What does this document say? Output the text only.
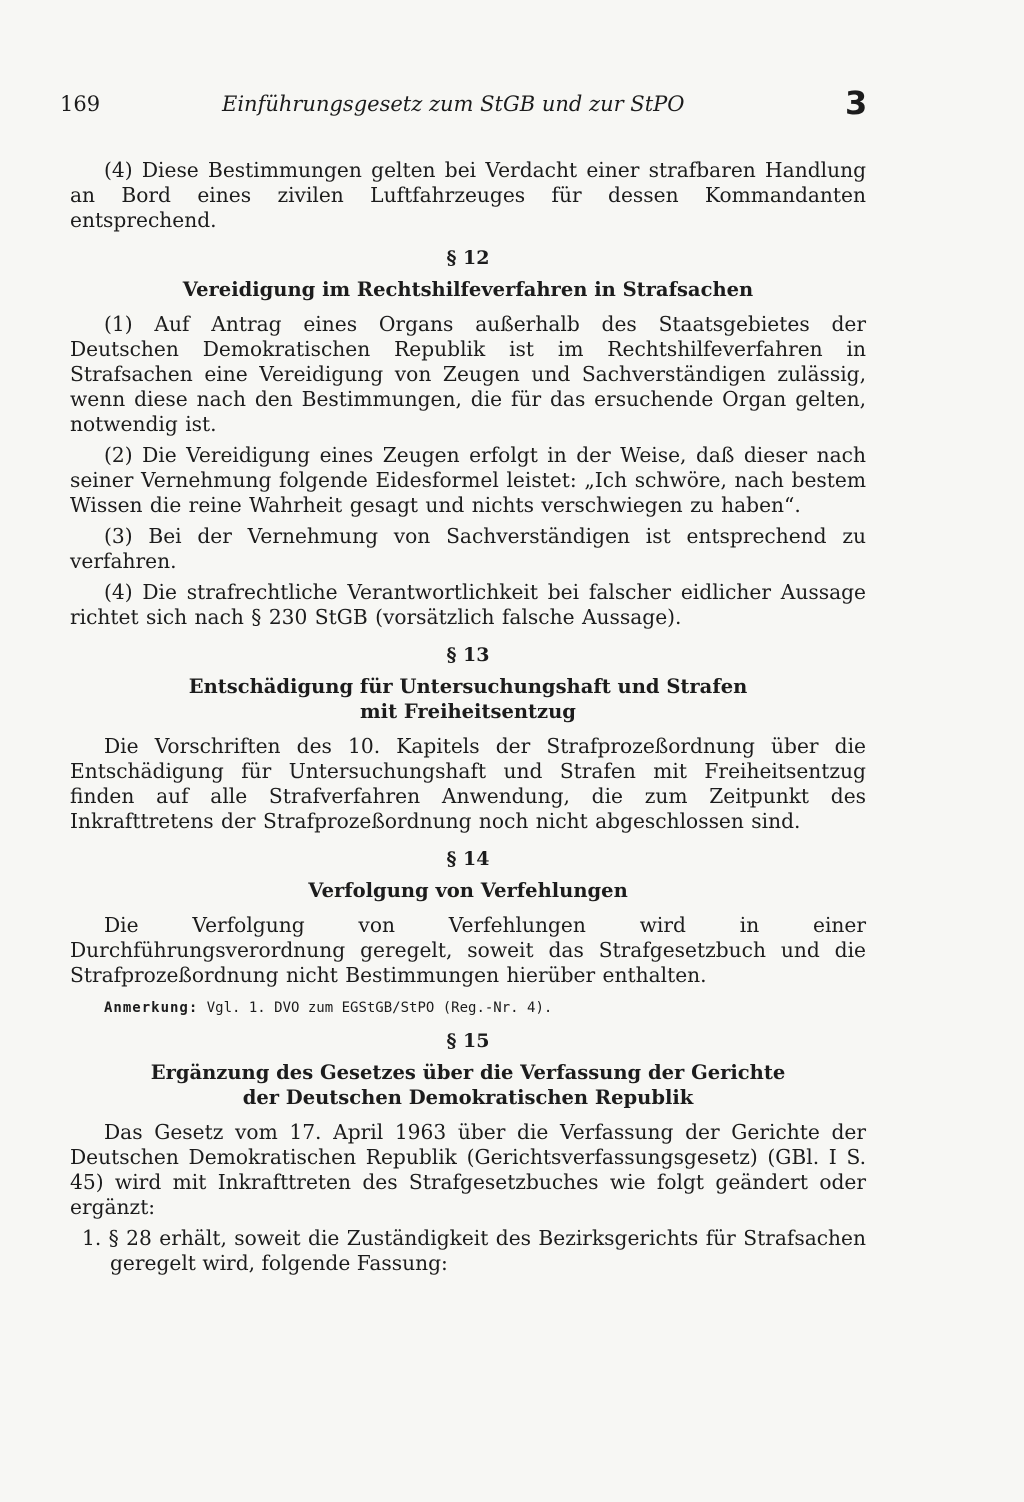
169	Einführungsgesetz zum StGB und zur StPO	3

(4) Diese Bestimmungen gelten bei Verdacht einer strafbaren Handlung an Bord eines zivilen Luftfahrzeuges für dessen Kommandanten entsprechend.

§ 12
Vereidigung im Rechtshilfeverfahren in Strafsachen

(1) Auf Antrag eines Organs außerhalb des Staatsgebietes der Deutschen Demokratischen Republik ist im Rechtshilfeverfahren in Strafsachen eine Vereidigung von Zeugen und Sachverständigen zulässig, wenn diese nach den Bestimmungen, die für das ersuchende Organ gelten, notwendig ist.

(2) Die Vereidigung eines Zeugen erfolgt in der Weise, daß dieser nach seiner Vernehmung folgende Eidesformel leistet: „Ich schwöre, nach bestem Wissen die reine Wahrheit gesagt und nichts verschwiegen zu haben“.

(3) Bei der Vernehmung von Sachverständigen ist entsprechend zu verfahren.

(4) Die strafrechtliche Verantwortlichkeit bei falscher eidlicher Aussage richtet sich nach § 230 StGB (vorsätzlich falsche Aussage).

§ 13
Entschädigung für Untersuchungshaft und Strafen
mit Freiheitsentzug

Die Vorschriften des 10. Kapitels der Strafprozeßordnung über die Entschädigung für Untersuchungshaft und Strafen mit Freiheitsentzug finden auf alle Strafverfahren Anwendung, die zum Zeitpunkt des Inkrafttretens der Strafprozeßordnung noch nicht abgeschlossen sind.

§ 14
Verfolgung von Verfehlungen

Die Verfolgung von Verfehlungen wird in einer Durchführungsverordnung geregelt, soweit das Strafgesetzbuch und die Strafprozeßordnung nicht Bestimmungen hierüber enthalten.

Anmerkung: Vgl. 1. DVO zum EGStGB/StPO (Reg.-Nr. 4).
§ 15
Ergänzung des Gesetzes über die Verfassung der Gerichte
der Deutschen Demokratischen Republik

Das Gesetz vom 17. April 1963 über die Verfassung der Gerichte der Deutschen Demokratischen Republik (Gerichtsverfassungsgesetz) (GBl. I S. 45) wird mit Inkrafttreten des Strafgesetzbuches wie folgt geändert oder ergänzt:

1. § 28 erhält, soweit die Zuständigkeit des Bezirksgerichts für Strafsachen geregelt wird, folgende Fassung:
